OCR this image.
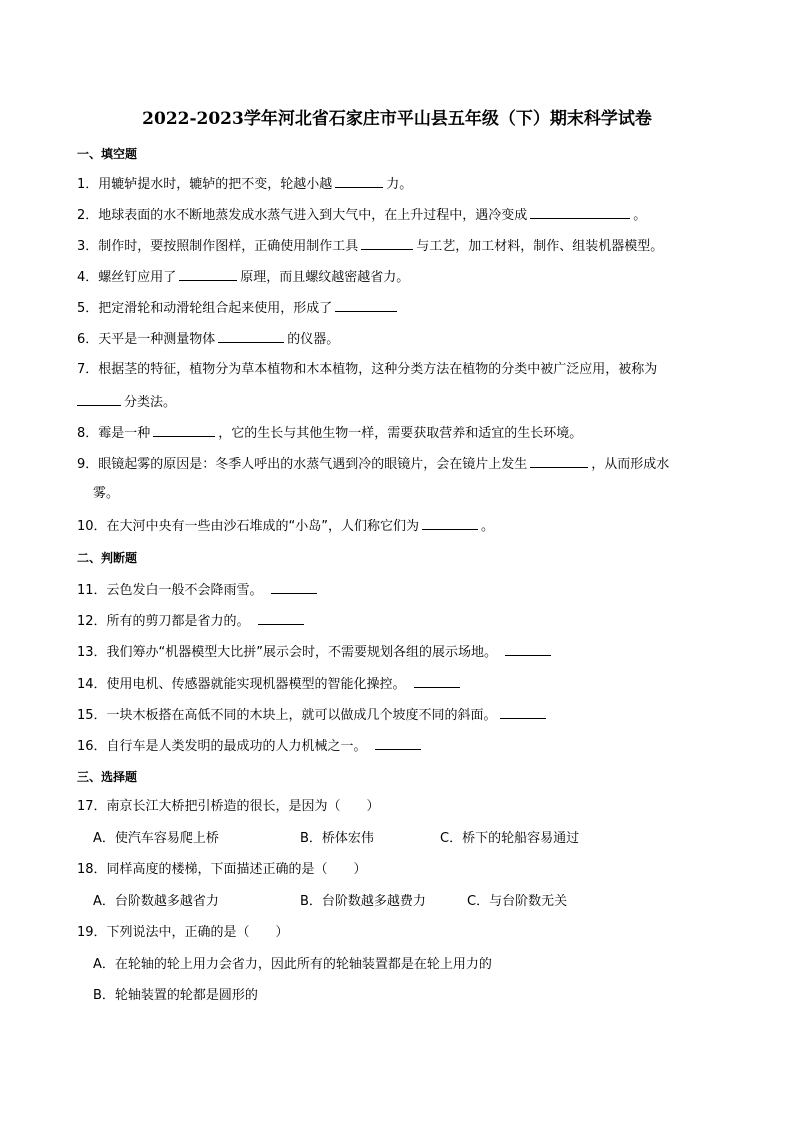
2022-2023学年河北省石家庄市平山县五年级（下）期末科学试卷
一、填空题
1．用辘轳提水时，辘轳的把不变，轮越小越	力。
2．地球表面的水不断地蒸发成水蒸气进入到大气中，在上升过程中，遇冷变成	。
3．制作时，要按照制作图样，正确使用制作工具	与工艺，加工材料，制作、组装机器模型。
4．螺丝钉应用了	原理，而且螺纹越密越省力。
5．把定滑轮和动滑轮组合起来使用，形成了
6．天平是一种测量物体	的仪器。
7．根据茎的特征，植物分为草本植物和木本植物，这种分类方法在植物的分类中被广泛应用，被称为
分类法。
8．霉是一种	，它的生长与其他生物一样，需要获取营养和适宜的生长环境。
9．眼镜起雾的原因是：冬季人呼出的水蒸气遇到冷的眼镜片，会在镜片上发生	，从而形成水
雾。
10．在大河中央有一些由沙石堆成的“小岛”，人们称它们为	。
二、判断题
11．云色发白一般不会降雨雪。
12．所有的剪刀都是省力的。
13．我们筹办“机器模型大比拼”展示会时，不需要规划各组的展示场地。
14．使用电机、传感器就能实现机器模型的智能化操控。
15．一块木板搭在高低不同的木块上，就可以做成几个坡度不同的斜面。
16．自行车是人类发明的最成功的人力机械之一。
三、选择题
17．南京长江大桥把引桥造的很长，是因为（　　）
A．使汽车容易爬上桥	B．桥体宏伟	C．桥下的轮船容易通过
18．同样高度的楼梯，下面描述正确的是（　　）
A．台阶数越多越省力	B．台阶数越多越费力	C．与台阶数无关
19．下列说法中，正确的是（　　）
A．在轮轴的轮上用力会省力，因此所有的轮轴装置都是在轮上用力的
B．轮轴装置的轮都是圆形的
